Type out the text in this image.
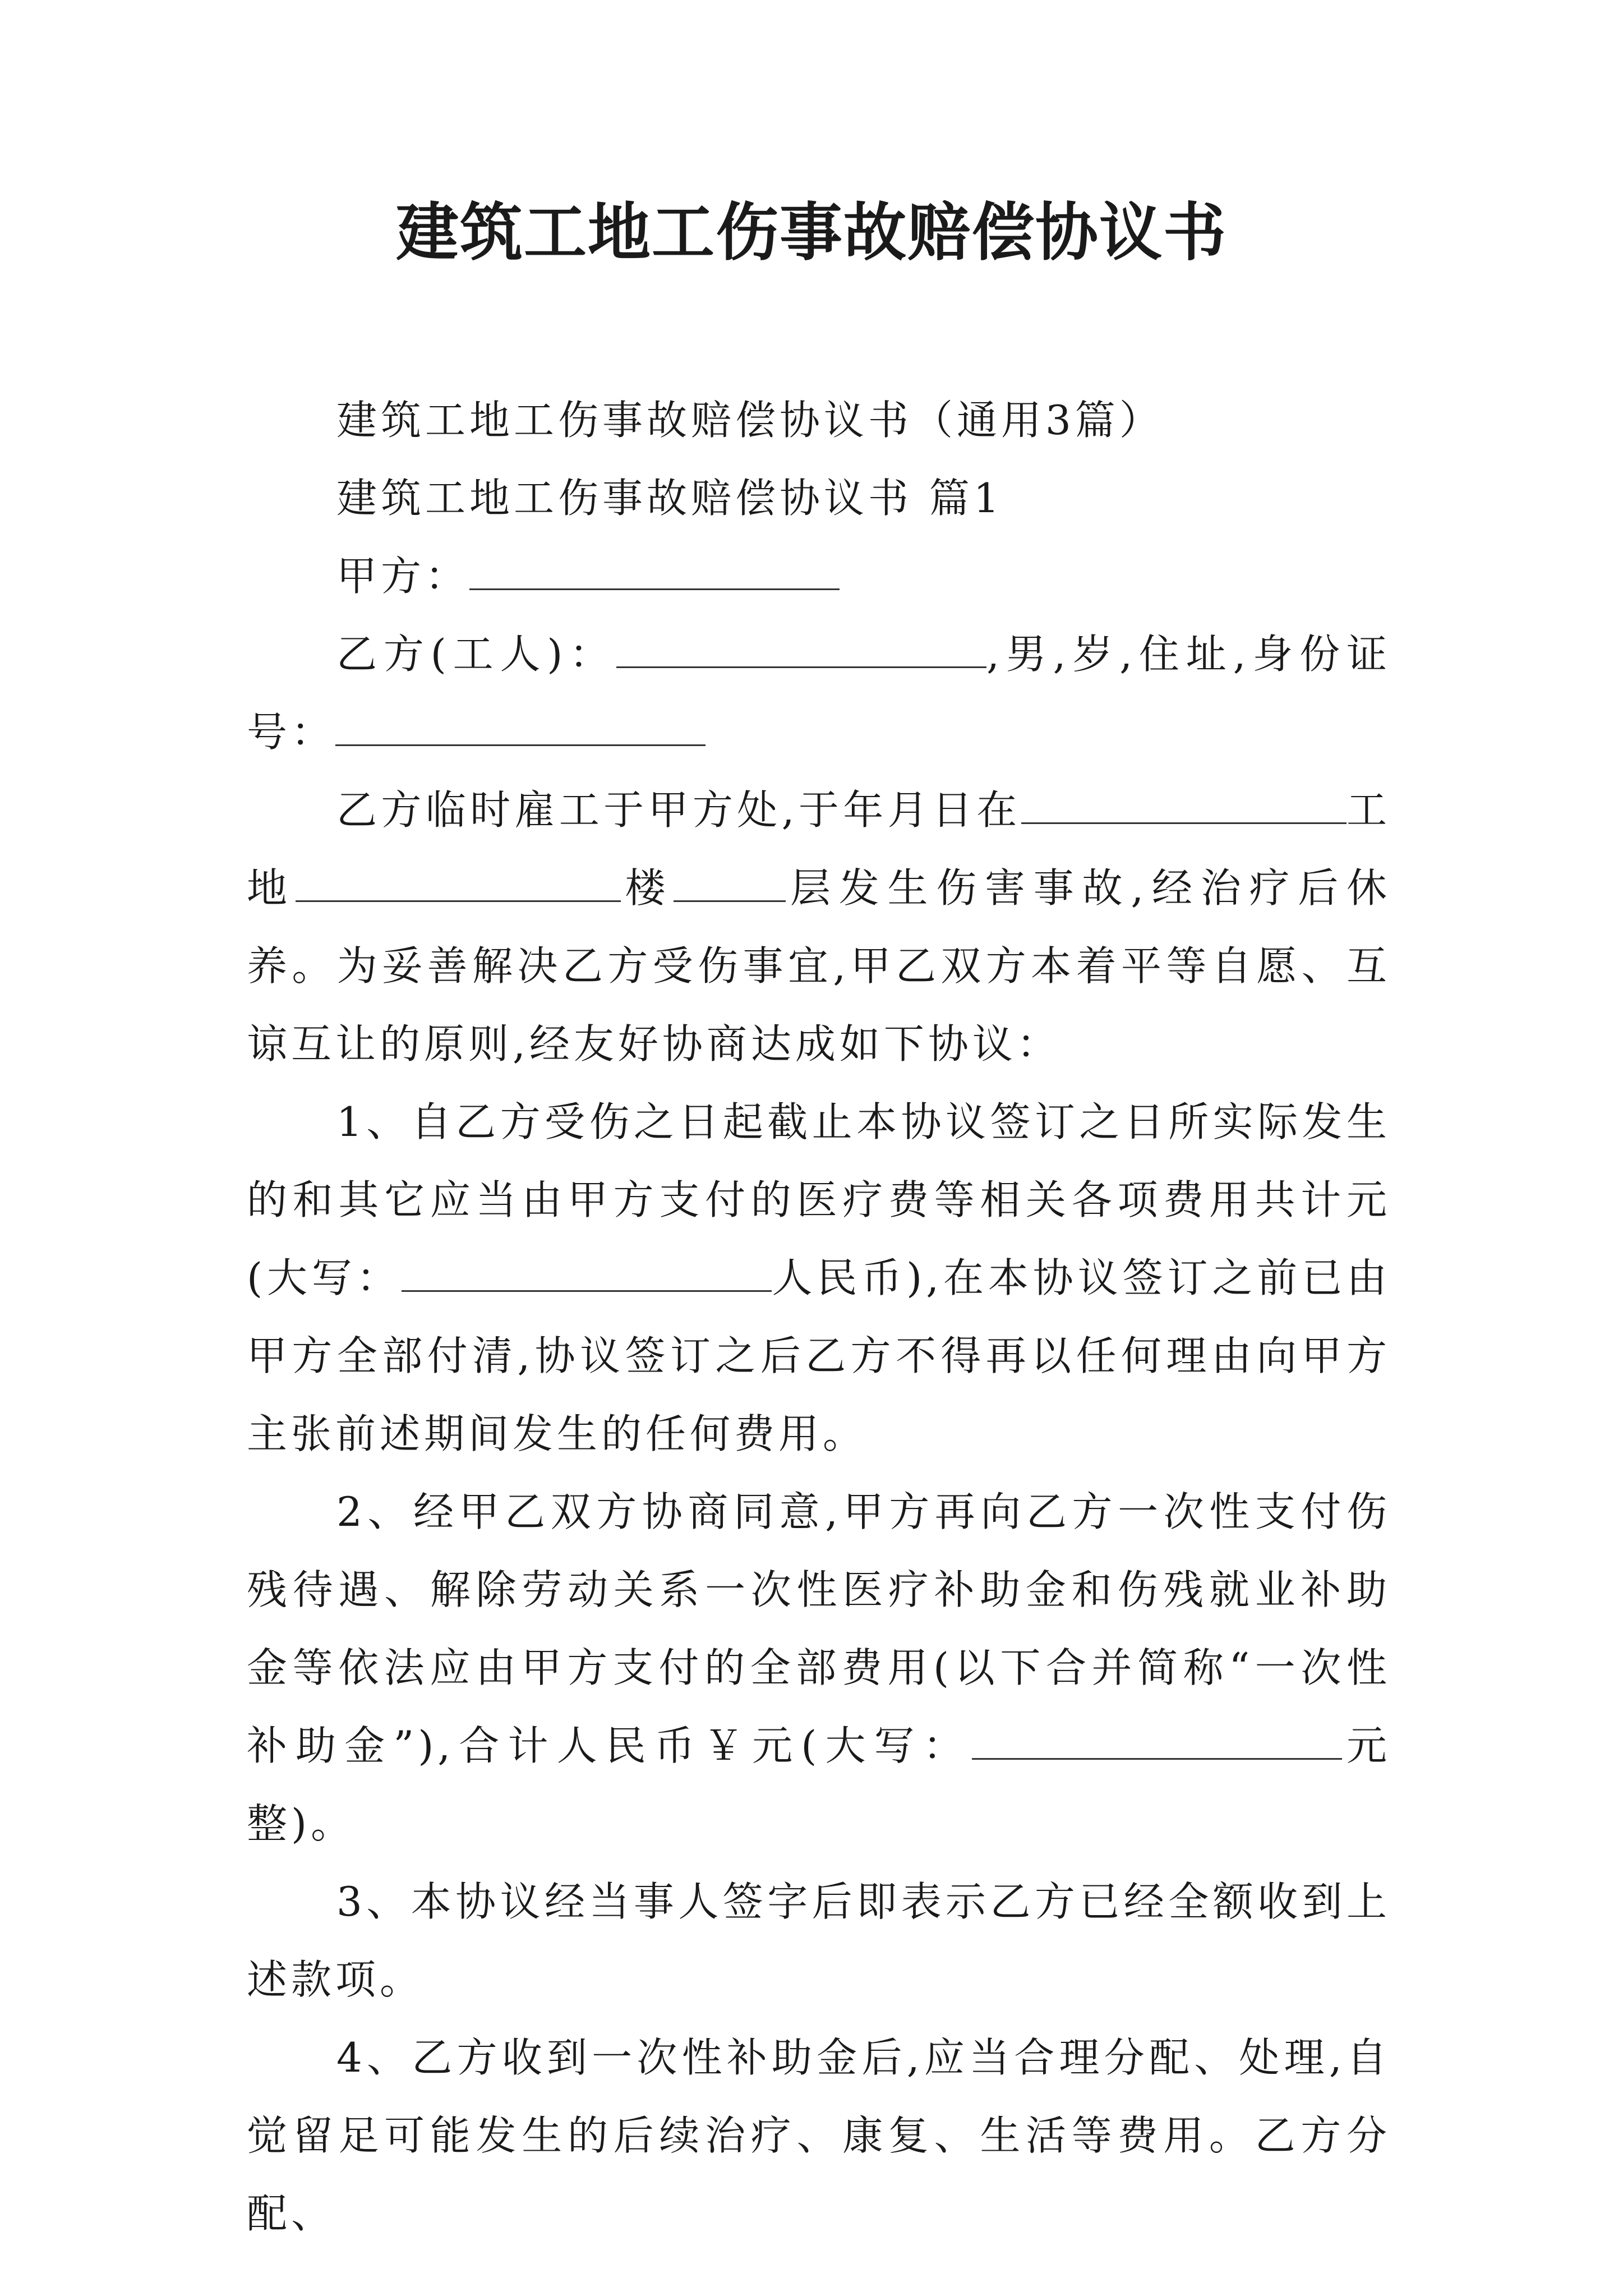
建筑工地工伤事故赔偿协议书

建筑工地工伤事故赔偿协议书（通用3篇）

建筑工地工伤事故赔偿协议书 篇1

甲方：

乙方(工人)：	,男,岁,住址,身份证号：

乙方临时雇工于甲方处,于年月日在	工地	楼	层发生伤害事故,经治疗后休养。为妥善解决乙方受伤事宜,甲乙双方本着平等自愿、互谅互让的原则,经友好协商达成如下协议：

1、自乙方受伤之日起截止本协议签订之日所实际发生的和其它应当由甲方支付的医疗费等相关各项费用共计元(大写：	人民币),在本协议签订之前已由甲方全部付清,协议签订之后乙方不得再以任何理由向甲方主张前述期间发生的任何费用。

2、经甲乙双方协商同意,甲方再向乙方一次性支付伤残待遇、解除劳动关系一次性医疗补助金和伤残就业补助金等依法应由甲方支付的全部费用(以下合并简称“一次性补助金”),合计人民币￥元(大写：	元整)。

3、本协议经当事人签字后即表示乙方已经全额收到上述款项。

4、乙方收到一次性补助金后,应当合理分配、处理,自觉留足可能发生的后续治疗、康复、生活等费用。乙方分配、
